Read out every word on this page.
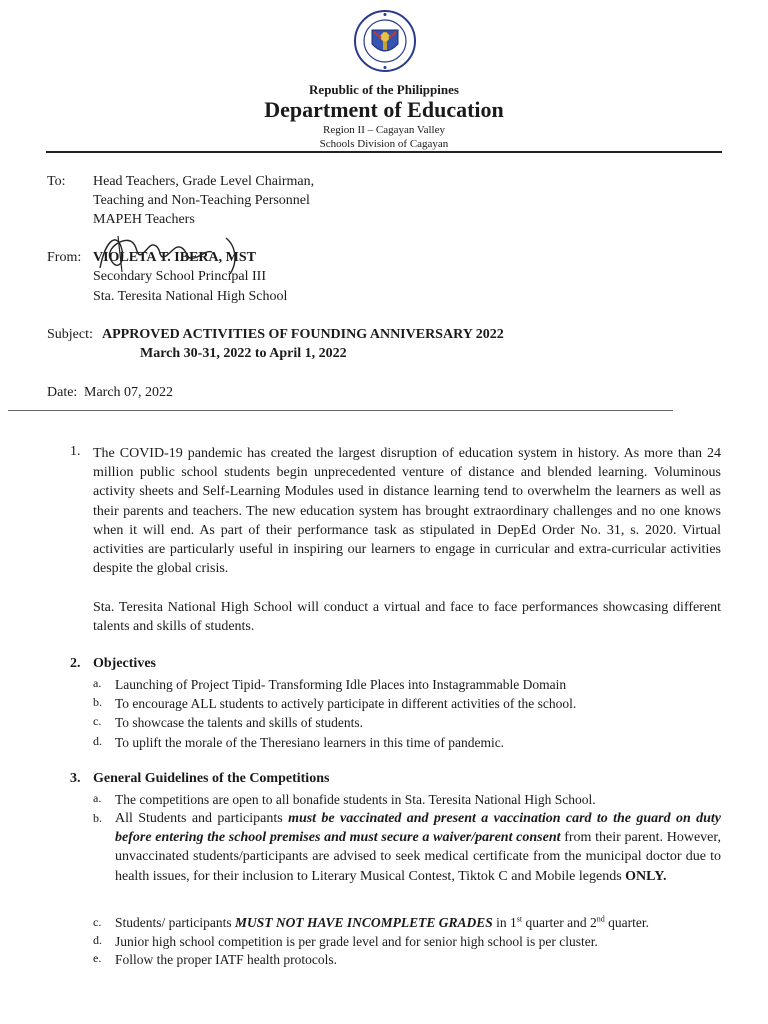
Republic of the Philippines
Department of Education
Region II – Cagayan Valley
Schools Division of Cagayan
To: Head Teachers, Grade Level Chairman,
Teaching and Non-Teaching Personnel
MAPEH Teachers
From: VIOLETA T. IBERA, MST
Secondary School Principal III
Sta. Teresita National High School
Subject: APPROVED ACTIVITIES OF FOUNDING ANNIVERSARY 2022
March 30-31, 2022 to April 1, 2022
Date: March 07, 2022
1. The COVID-19 pandemic has created the largest disruption of education system in history. As more than 24 million public school students begin unprecedented venture of distance and blended learning. Voluminous activity sheets and Self-Learning Modules used in distance learning tend to overwhelm the learners as well as their parents and teachers. The new education system has brought extraordinary challenges and no one knows when it will end. As part of their performance task as stipulated in DepEd Order No. 31, s. 2020. Virtual activities are particularly useful in inspiring our learners to engage in curricular and extra-curricular activities despite the global crisis.
Sta. Teresita National High School will conduct a virtual and face to face performances showcasing different talents and skills of students.
2. Objectives
a. Launching of Project Tipid- Transforming Idle Places into Instagrammable Domain
b. To encourage ALL students to actively participate in different activities of the school.
c. To showcase the talents and skills of students.
d. To uplift the morale of the Theresiano learners in this time of pandemic.
3. General Guidelines of the Competitions
a. The competitions are open to all bonafide students in Sta. Teresita National High School.
b. All Students and participants must be vaccinated and present a vaccination card to the guard on duty before entering the school premises and must secure a waiver/parent consent from their parent. However, unvaccinated students/participants are advised to seek medical certificate from the municipal doctor due to health issues, for their inclusion to Literary Musical Contest, Tiktok C and Mobile legends ONLY.
c. Students/ participants MUST NOT HAVE INCOMPLETE GRADES in 1st quarter and 2nd quarter.
d. Junior high school competition is per grade level and for senior high school is per cluster.
e. Follow the proper IATF health protocols.
